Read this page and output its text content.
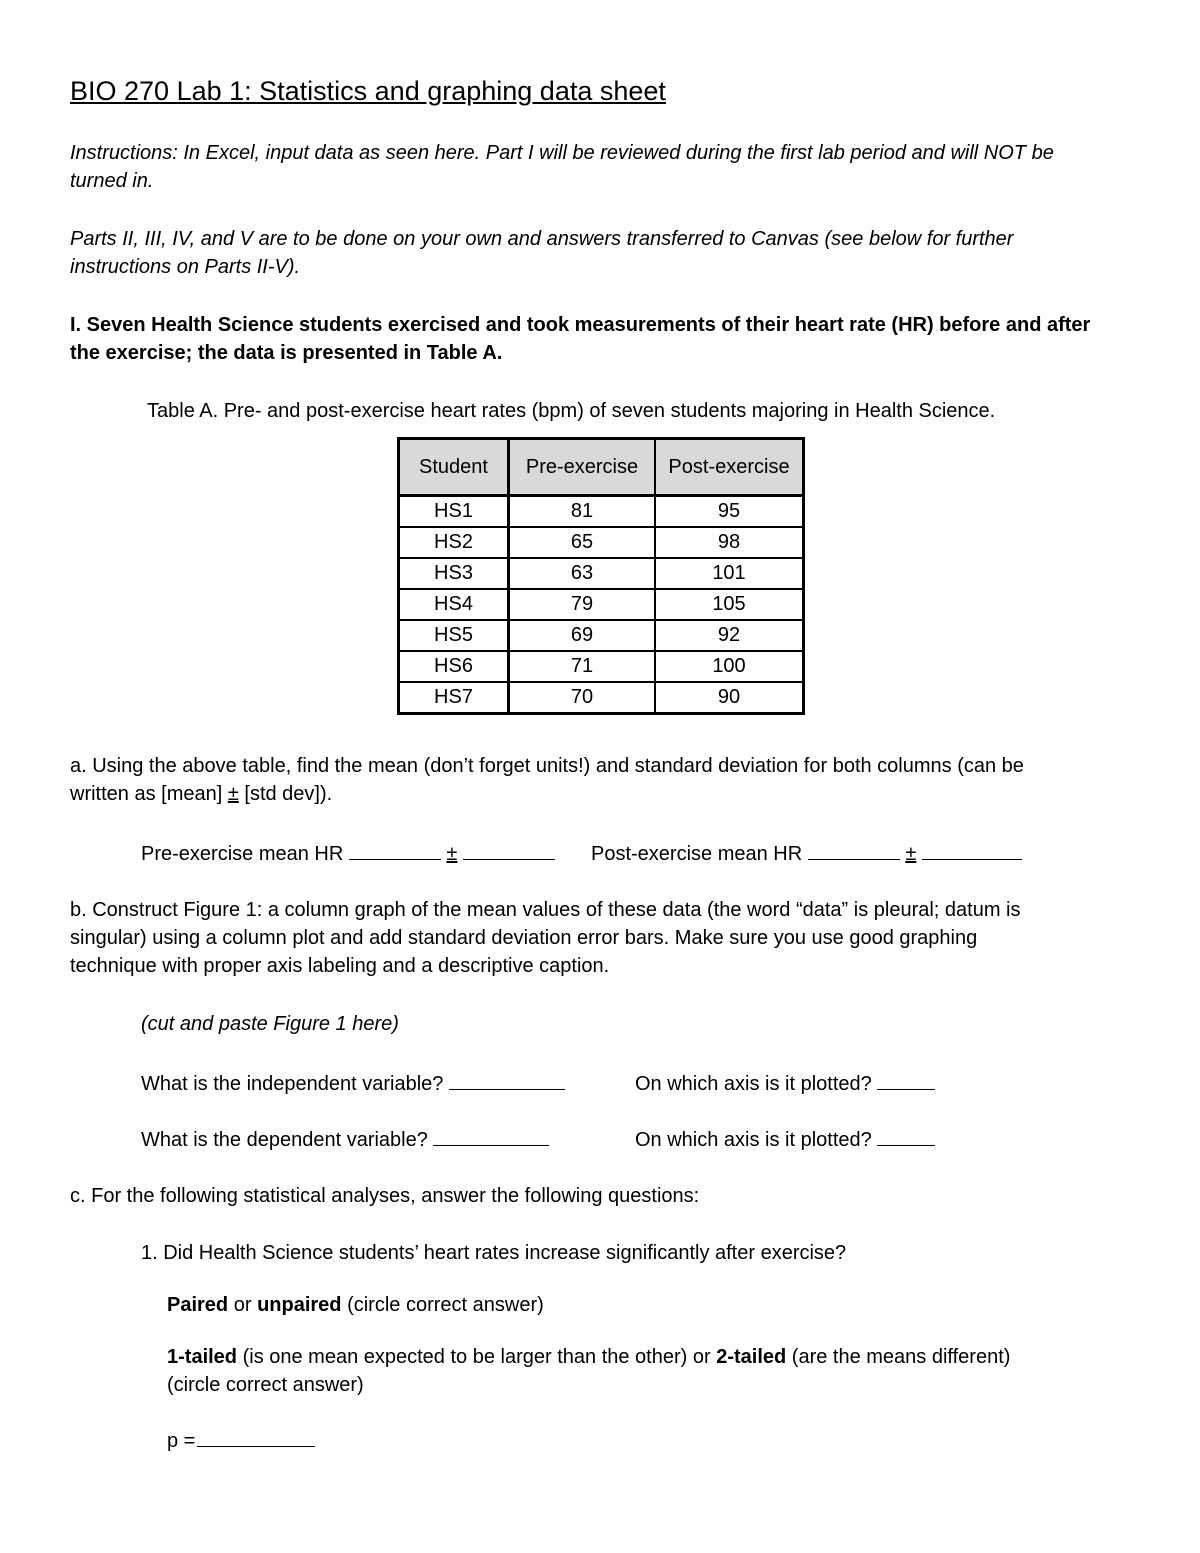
BIO 270 Lab 1: Statistics and graphing data sheet
Instructions: In Excel, input data as seen here. Part I will be reviewed during the first lab period and will NOT be
turned in.
Parts II, III, IV, and V are to be done on your own and answers transferred to Canvas (see below for further
instructions on Parts II-V).
I. Seven Health Science students exercised and took measurements of their heart rate (HR) before and after
the exercise; the data is presented in Table A.
Table A. Pre- and post-exercise heart rates (bpm) of seven students majoring in Health Science.
Student	Pre-exercise	Post-exercise
HS1	81	95
HS2	65	98
HS3	63	101
HS4	79	105
HS5	69	92
HS6	71	100
HS7	70	90
a. Using the above table, find the mean (don’t forget units!) and standard deviation for both columns (can be
written as [mean] ± [std dev]).
Pre-exercise mean HR	±	Post-exercise mean HR	±
b. Construct Figure 1: a column graph of the mean values of these data (the word “data” is pleural; datum is
singular) using a column plot and add standard deviation error bars. Make sure you use good graphing
technique with proper axis labeling and a descriptive caption.
(cut and paste Figure 1 here)
What is the independent variable?	On which axis is it plotted?
What is the dependent variable?	On which axis is it plotted?
c. For the following statistical analyses, answer the following questions:
1. Did Health Science students’ heart rates increase significantly after exercise?
Paired or unpaired (circle correct answer)
1-tailed (is one mean expected to be larger than the other) or 2-tailed (are the means different)
(circle correct answer)
p =
